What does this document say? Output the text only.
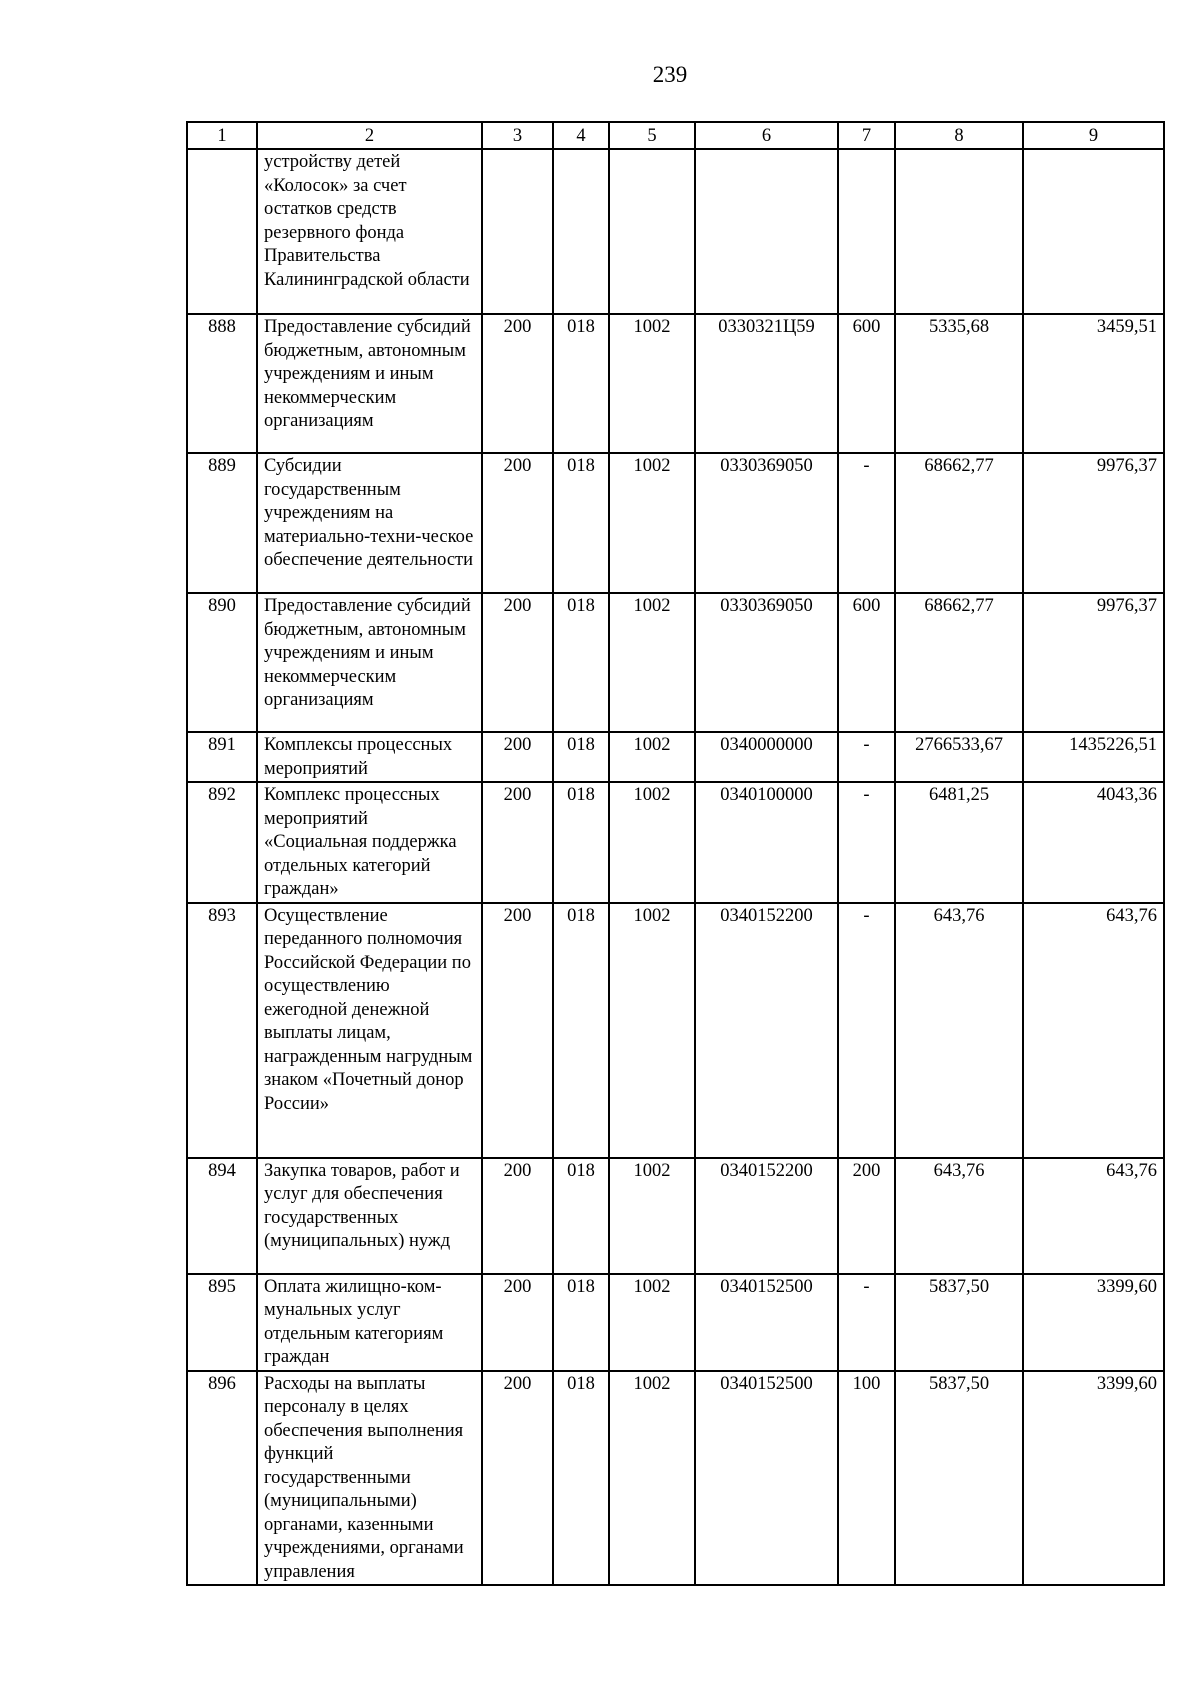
239
1	2	3	4	5	6	7	8	9
	устройству детей «Колосок» за счет остатков средств резервного фонда Правительства Калининградской области							
888	Предоставление субсидий бюджетным, автономным учреждениям и иным некоммерческим организациям	200	018	1002	0330321Ц59	600	5335,68	3459,51
889	Субсидии государственным учреждениям на материально-техни-ческое обеспечение деятельности	200	018	1002	0330369050	-	68662,77	9976,37
890	Предоставление субсидий бюджетным, автономным учреждениям и иным некоммерческим организациям	200	018	1002	0330369050	600	68662,77	9976,37
891	Комплексы процессных мероприятий	200	018	1002	0340000000	-	2766533,67	1435226,51
892	Комплекс процессных мероприятий «Социальная поддержка отдельных категорий граждан»	200	018	1002	0340100000	-	6481,25	4043,36
893	Осуществление переданного полномочия Российской Федерации по осуществлению ежегодной денежной выплаты лицам, награжденным нагрудным знаком «Почетный донор России»	200	018	1002	0340152200	-	643,76	643,76
894	Закупка товаров, работ и услуг для обеспечения государственных (муниципальных) нужд	200	018	1002	0340152200	200	643,76	643,76
895	Оплата жилищно-ком-мунальных услуг отдельным категориям граждан	200	018	1002	0340152500	-	5837,50	3399,60
896	Расходы на выплаты персоналу в целях обеспечения выполнения функций государственными (муниципальными) органами, казенными учреждениями, органами управления	200	018	1002	0340152500	100	5837,50	3399,60
